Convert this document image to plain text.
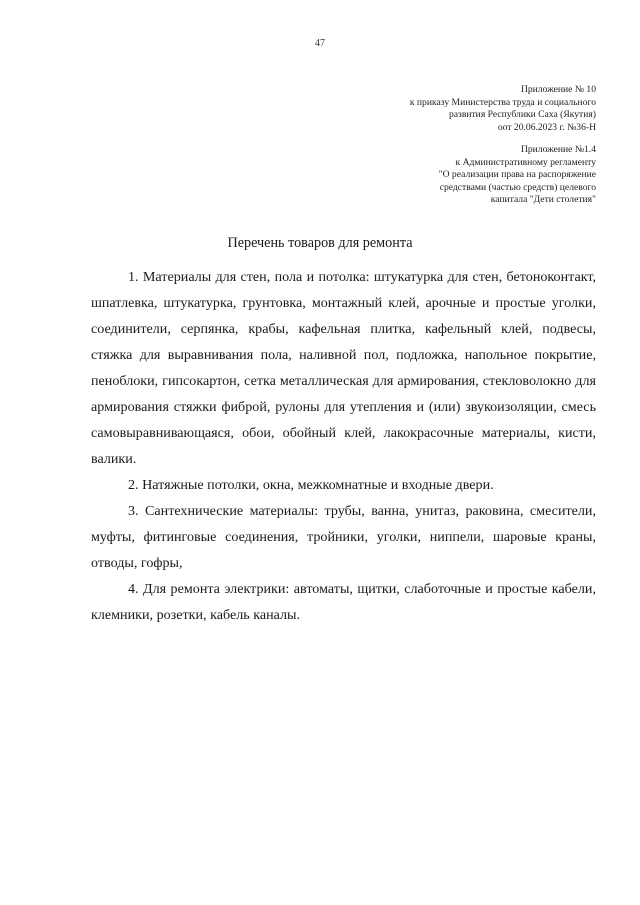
47
Приложение № 10
к приказу Министерства труда и социального
развития Республики Саха (Якутия)
оот 20.06.2023 г. №36-Н
Приложение №1.4
к Административному регламенту
"О реализации права на распоряжение
средствами (частью средств) целевого
капитала "Дети столетия"
Перечень товаров для ремонта

1. Материалы для стен, пола и потолка: штукатурка для стен, бетоноконтакт, шпатлевка, штукатурка, грунтовка, монтажный клей, арочные и простые уголки, соединители, серпянка, крабы, кафельная плитка, кафельный клей, подвесы, стяжка для выравнивания пола, наливной пол, подложка, напольное покрытие, пеноблоки, гипсокартон, сетка металлическая для армирования, стекловолокно для армирования стяжки фиброй, рулоны для утепления и (или) звукоизоляции, смесь самовыравнивающаяся, обои, обойный клей, лакокрасочные материалы, кисти, валики.

2. Натяжные потолки, окна, межкомнатные и входные двери.

3. Сантехнические материалы: трубы, ванна, унитаз, раковина, смесители, муфты, фитинговые соединения, тройники, уголки, ниппели, шаровые краны, отводы, гофры,

4. Для ремонта электрики: автоматы, щитки, слаботочные и простые кабели, клемники, розетки, кабель каналы.
